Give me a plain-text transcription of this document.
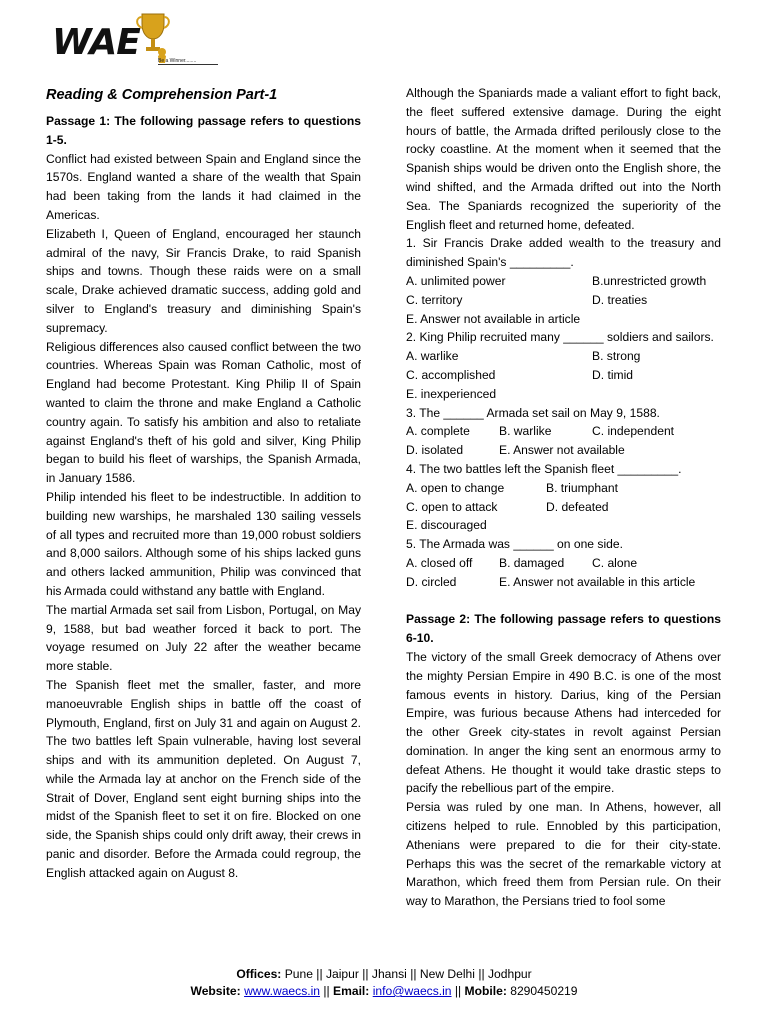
WAE	Be a Winner........

Reading & Comprehension Part-1

Passage 1: The following passage refers to questions 1-5.

Conflict had existed between Spain and England since the 1570s. England wanted a share of the wealth that Spain had been taking from the lands it had claimed in the Americas.

Elizabeth I, Queen of England, encouraged her staunch admiral of the navy, Sir Francis Drake, to raid Spanish ships and towns. Though these raids were on a small scale, Drake achieved dramatic success, adding gold and silver to England's treasury and diminishing Spain's supremacy.

Religious differences also caused conflict between the two countries. Whereas Spain was Roman Catholic, most of England had become Protestant. King Philip II of Spain wanted to claim the throne and make England a Catholic country again. To satisfy his ambition and also to retaliate against England's theft of his gold and silver, King Philip began to build his fleet of warships, the Spanish Armada, in January 1586.

Philip intended his fleet to be indestructible. In addition to building new warships, he marshaled 130 sailing vessels of all types and recruited more than 19,000 robust soldiers and 8,000 sailors. Although some of his ships lacked guns and others lacked ammunition, Philip was convinced that his Armada could withstand any battle with England.

The martial Armada set sail from Lisbon, Portugal, on May 9, 1588, but bad weather forced it back to port. The voyage resumed on July 22 after the weather became more stable.

The Spanish fleet met the smaller, faster, and more manoeuvrable English ships in battle off the coast of Plymouth, England, first on July 31 and again on August 2. The two battles left Spain vulnerable, having lost several ships and with its ammunition depleted. On August 7, while the Armada lay at anchor on the French side of the Strait of Dover, England sent eight burning ships into the midst of the Spanish fleet to set it on fire. Blocked on one side, the Spanish ships could only drift away, their crews in panic and disorder. Before the Armada could regroup, the English attacked again on August 8.

Although the Spaniards made a valiant effort to fight back, the fleet suffered extensive damage. During the eight hours of battle, the Armada drifted perilously close to the rocky coastline. At the moment when it seemed that the Spanish ships would be driven onto the English shore, the wind shifted, and the Armada drifted out into the North Sea. The Spaniards recognized the superiority of the English fleet and returned home, defeated.

1. Sir Francis Drake added wealth to the treasury and diminished Spain's _________.

A. unlimited power	B.unrestricted growth
C. territory	D. treaties
E. Answer not available in article

2. King Philip recruited many ______ soldiers and sailors.

A. warlike	B. strong
C. accomplished	D. timid
E. inexperienced

3. The ______ Armada set sail on May 9, 1588.

A. complete	B. warlike	C. independent
D. isolated	E. Answer not available

4. The two battles left the Spanish fleet _________.

A. open to change	B. triumphant
C. open to attack	D. defeated
E. discouraged

5. The Armada was ______ on one side.

A. closed off	B. damaged	C. alone
D. circled	E. Answer not available in this article

Passage 2: The following passage refers to questions 6-10.

The victory of the small Greek democracy of Athens over the mighty Persian Empire in 490 B.C. is one of the most famous events in history. Darius, king of the Persian Empire, was furious because Athens had interceded for the other Greek city-states in revolt against Persian domination. In anger the king sent an enormous army to defeat Athens. He thought it would take drastic steps to pacify the rebellious part of the empire.

Persia was ruled by one man. In Athens, however, all citizens helped to rule. Ennobled by this participation, Athenians were prepared to die for their city-state. Perhaps this was the secret of the remarkable victory at Marathon, which freed them from Persian rule. On their way to Marathon, the Persians tried to fool some

Offices: Pune || Jaipur || Jhansi || New Delhi || Jodhpur
Website: www.waecs.in || Email: info@waecs.in || Mobile: 8290450219
